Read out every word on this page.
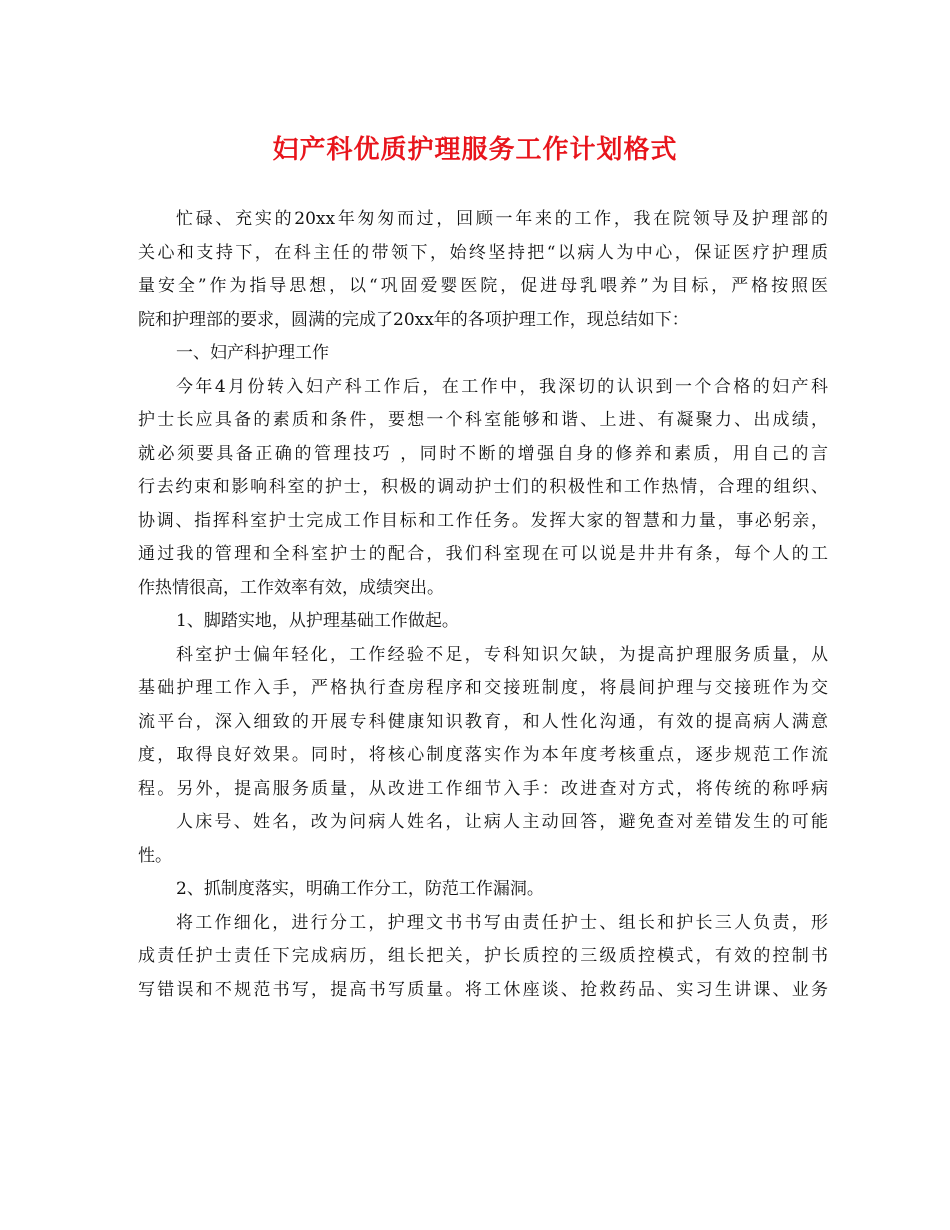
妇产科优质护理服务工作计划格式
忙碌、充实的20xx年匆匆而过，回顾一年来的工作，我在院领导及护理部的
关心和支持下，在科主任的带领下，始终坚持把“以病人为中心，保证医疗护理质
量安全”作为指导思想，以“巩固爱婴医院，促进母乳喂养”为目标，严格按照医
院和护理部的要求，圆满的完成了20xx年的各项护理工作，现总结如下：
一、妇产科护理工作
今年4月份转入妇产科工作后，在工作中，我深切的认识到一个合格的妇产科
护士长应具备的素质和条件，要想一个科室能够和谐、上进、有凝聚力、出成绩，
就必须要具备正确的管理技巧 ，同时不断的增强自身的修养和素质，用自己的言
行去约束和影响科室的护士，积极的调动护士们的积极性和工作热情，合理的组织、
协调、指挥科室护士完成工作目标和工作任务。发挥大家的智慧和力量，事必躬亲，
通过我的管理和全科室护士的配合，我们科室现在可以说是井井有条，每个人的工
作热情很高，工作效率有效，成绩突出。
1、脚踏实地，从护理基础工作做起。
科室护士偏年轻化，工作经验不足，专科知识欠缺，为提高护理服务质量，从
基础护理工作入手，严格执行查房程序和交接班制度，将晨间护理与交接班作为交
流平台，深入细致的开展专科健康知识教育，和人性化沟通，有效的提高病人满意
度，取得良好效果。同时，将核心制度落实作为本年度考核重点，逐步规范工作流
程。另外，提高服务质量，从改进工作细节入手：改进查对方式，将传统的称呼病
人床号、姓名，改为问病人姓名，让病人主动回答，避免查对差错发生的可能
性。
2、抓制度落实，明确工作分工，防范工作漏洞。
将工作细化，进行分工，护理文书书写由责任护士、组长和护长三人负责，形
成责任护士责任下完成病历，组长把关，护长质控的三级质控模式，有效的控制书
写错误和不规范书写，提高书写质量。将工休座谈、抢救药品、实习生讲课、业务
